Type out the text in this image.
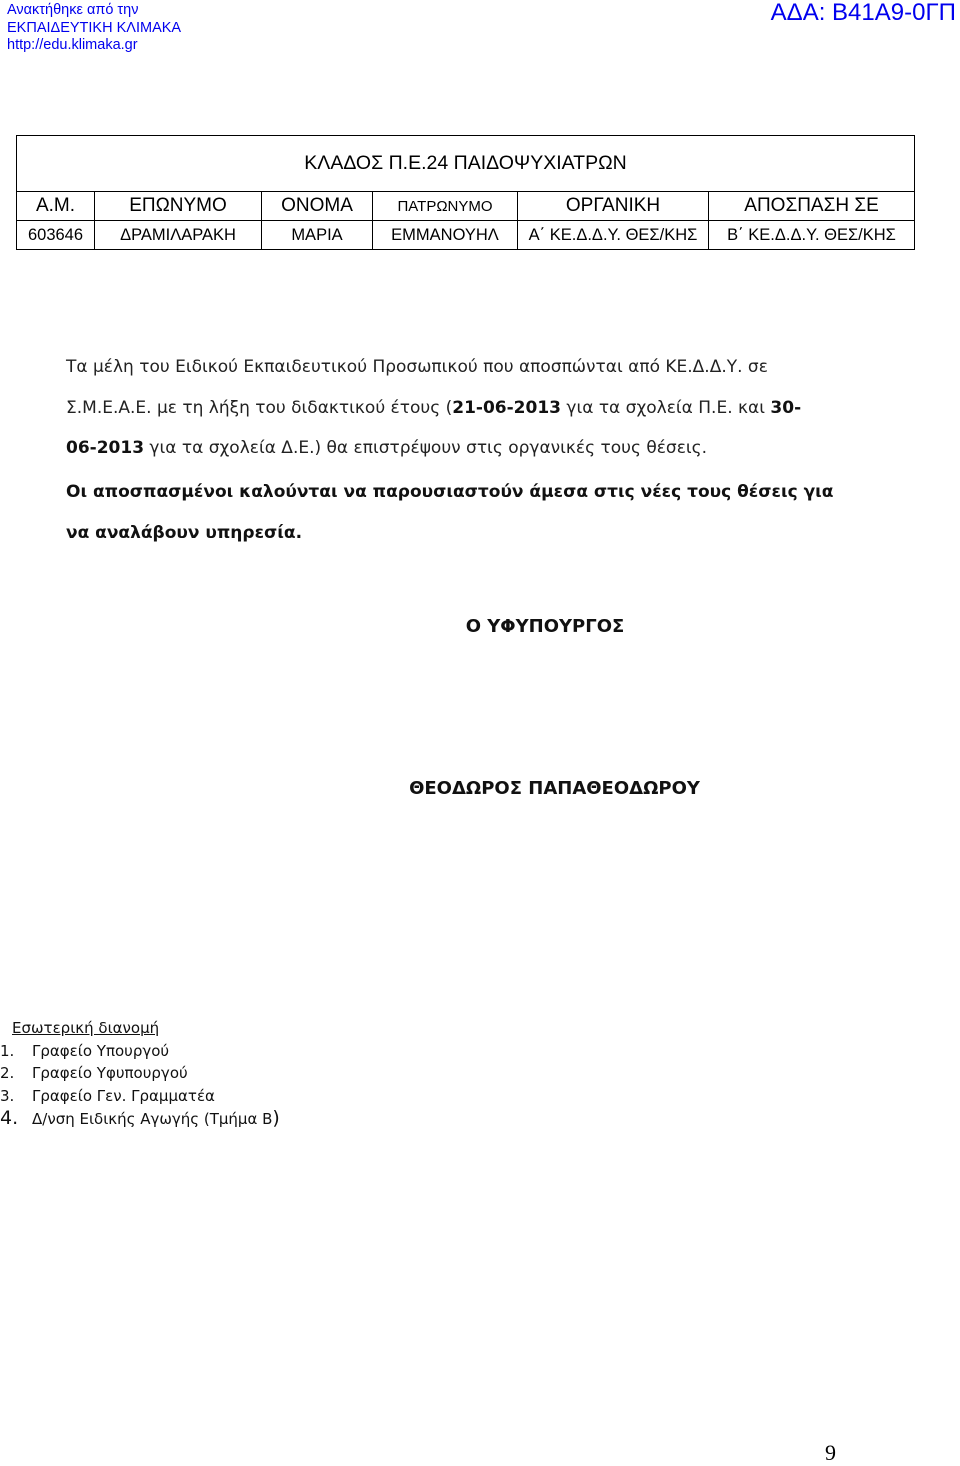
Ανακτήθηκε από την
ΕΚΠΑΙΔΕΥΤΙΚΗ ΚΛΙΜΑΚΑ
http://edu.klimaka.gr
ΑΔΑ: Β41Α9-0ΓΠ
ΚΛΑΔΟΣ Π.Ε.24 ΠΑΙΔΟΨΥΧΙΑΤΡΩΝ					
Α.Μ.	ΕΠΩΝΥΜΟ	ΟΝΟΜΑ	ΠΑΤΡΩΝΥΜΟ	ΟΡΓΑΝΙΚΗ	ΑΠΟΣΠΑΣΗ ΣΕ
603646	ΔΡΑΜΙΛΑΡΑΚΗ	ΜΑΡΙΑ	ΕΜΜΑΝΟΥΗΛ	Α΄ ΚΕ.Δ.Δ.Υ. ΘΕΣ/ΚΗΣ	Β΄ ΚΕ.Δ.Δ.Υ. ΘΕΣ/ΚΗΣ
Τα μέλη του Ειδικού Εκπαιδευτικού Προσωπικού που αποσπώνται από ΚΕ.Δ.Δ.Υ. σε
Σ.Μ.Ε.Α.Ε. με τη λήξη του διδακτικού έτους (21-06-2013 για τα σχολεία Π.Ε. και 30-
06-2013 για τα σχολεία Δ.Ε.) θα επιστρέψουν στις οργανικές τους θέσεις.
Οι αποσπασμένοι καλούνται να παρουσιαστούν άμεσα στις νέες τους θέσεις για
να αναλάβουν υπηρεσία.
Ο ΥΦΥΠΟΥΡΓΟΣ
ΘΕΟΔΩΡΟΣ ΠΑΠΑΘΕΟΔΩΡΟΥ
Εσωτερική διανομή
1. Γραφείο Υπουργού
2. Γραφείο Υφυπουργού
3. Γραφείο Γεν. Γραμματέα
4. Δ/νση Ειδικής Αγωγής (Τμήμα Β)
9
